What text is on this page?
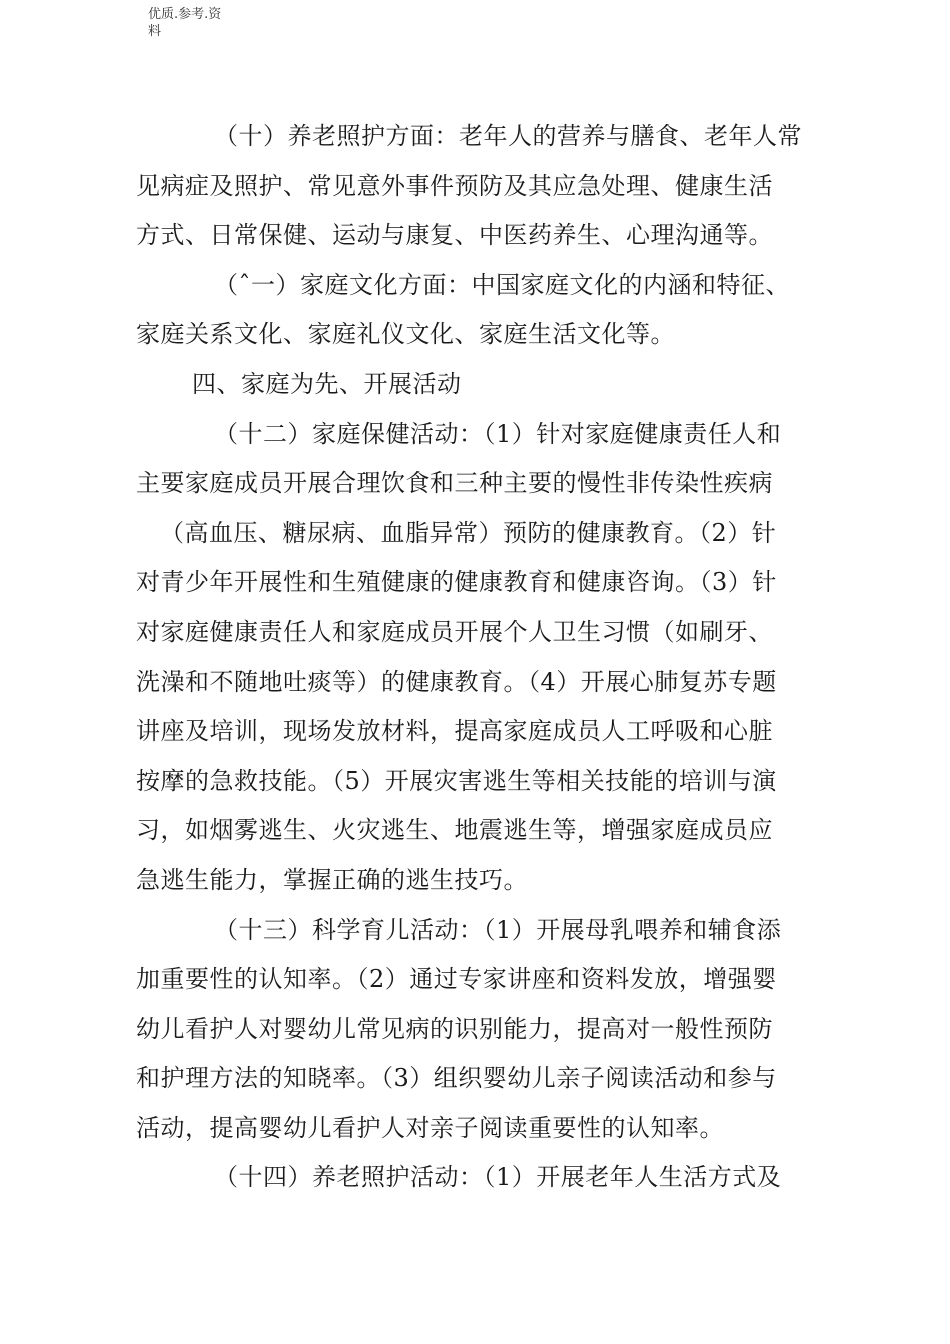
优质.参考.资
料
（十）养老照护方面：老年人的营养与膳食、老年人常
见病症及照护、常见意外事件预防及其应急处理、健康生活
方式、日常保健、运动与康复、中医药养生、心理沟通等。
（ˆ一）家庭文化方面：中国家庭文化的内涵和特征、
家庭关系文化、家庭礼仪文化、家庭生活文化等。
四、家庭为先、开展活动
（十二）家庭保健活动：（1）针对家庭健康责任人和
主要家庭成员开展合理饮食和三种主要的慢性非传染性疾病
（高血压、糖尿病、血脂异常）预防的健康教育。（2）针
对青少年开展性和生殖健康的健康教育和健康咨询。（3）针
对家庭健康责任人和家庭成员开展个人卫生习惯（如刷牙、
洗澡和不随地吐痰等）的健康教育。（4）开展心肺复苏专题
讲座及培训，现场发放材料，提高家庭成员人工呼吸和心脏
按摩的急救技能。（5）开展灾害逃生等相关技能的培训与演
习，如烟雾逃生、火灾逃生、地震逃生等，增强家庭成员应
急逃生能力，掌握正确的逃生技巧。
（十三）科学育儿活动：（1）开展母乳喂养和辅食添
加重要性的认知率。（2）通过专家讲座和资料发放，增强婴
幼儿看护人对婴幼儿常见病的识别能力，提高对一般性预防
和护理方法的知晓率。（3）组织婴幼儿亲子阅读活动和参与
活动，提高婴幼儿看护人对亲子阅读重要性的认知率。
（十四）养老照护活动：（1）开展老年人生活方式及
